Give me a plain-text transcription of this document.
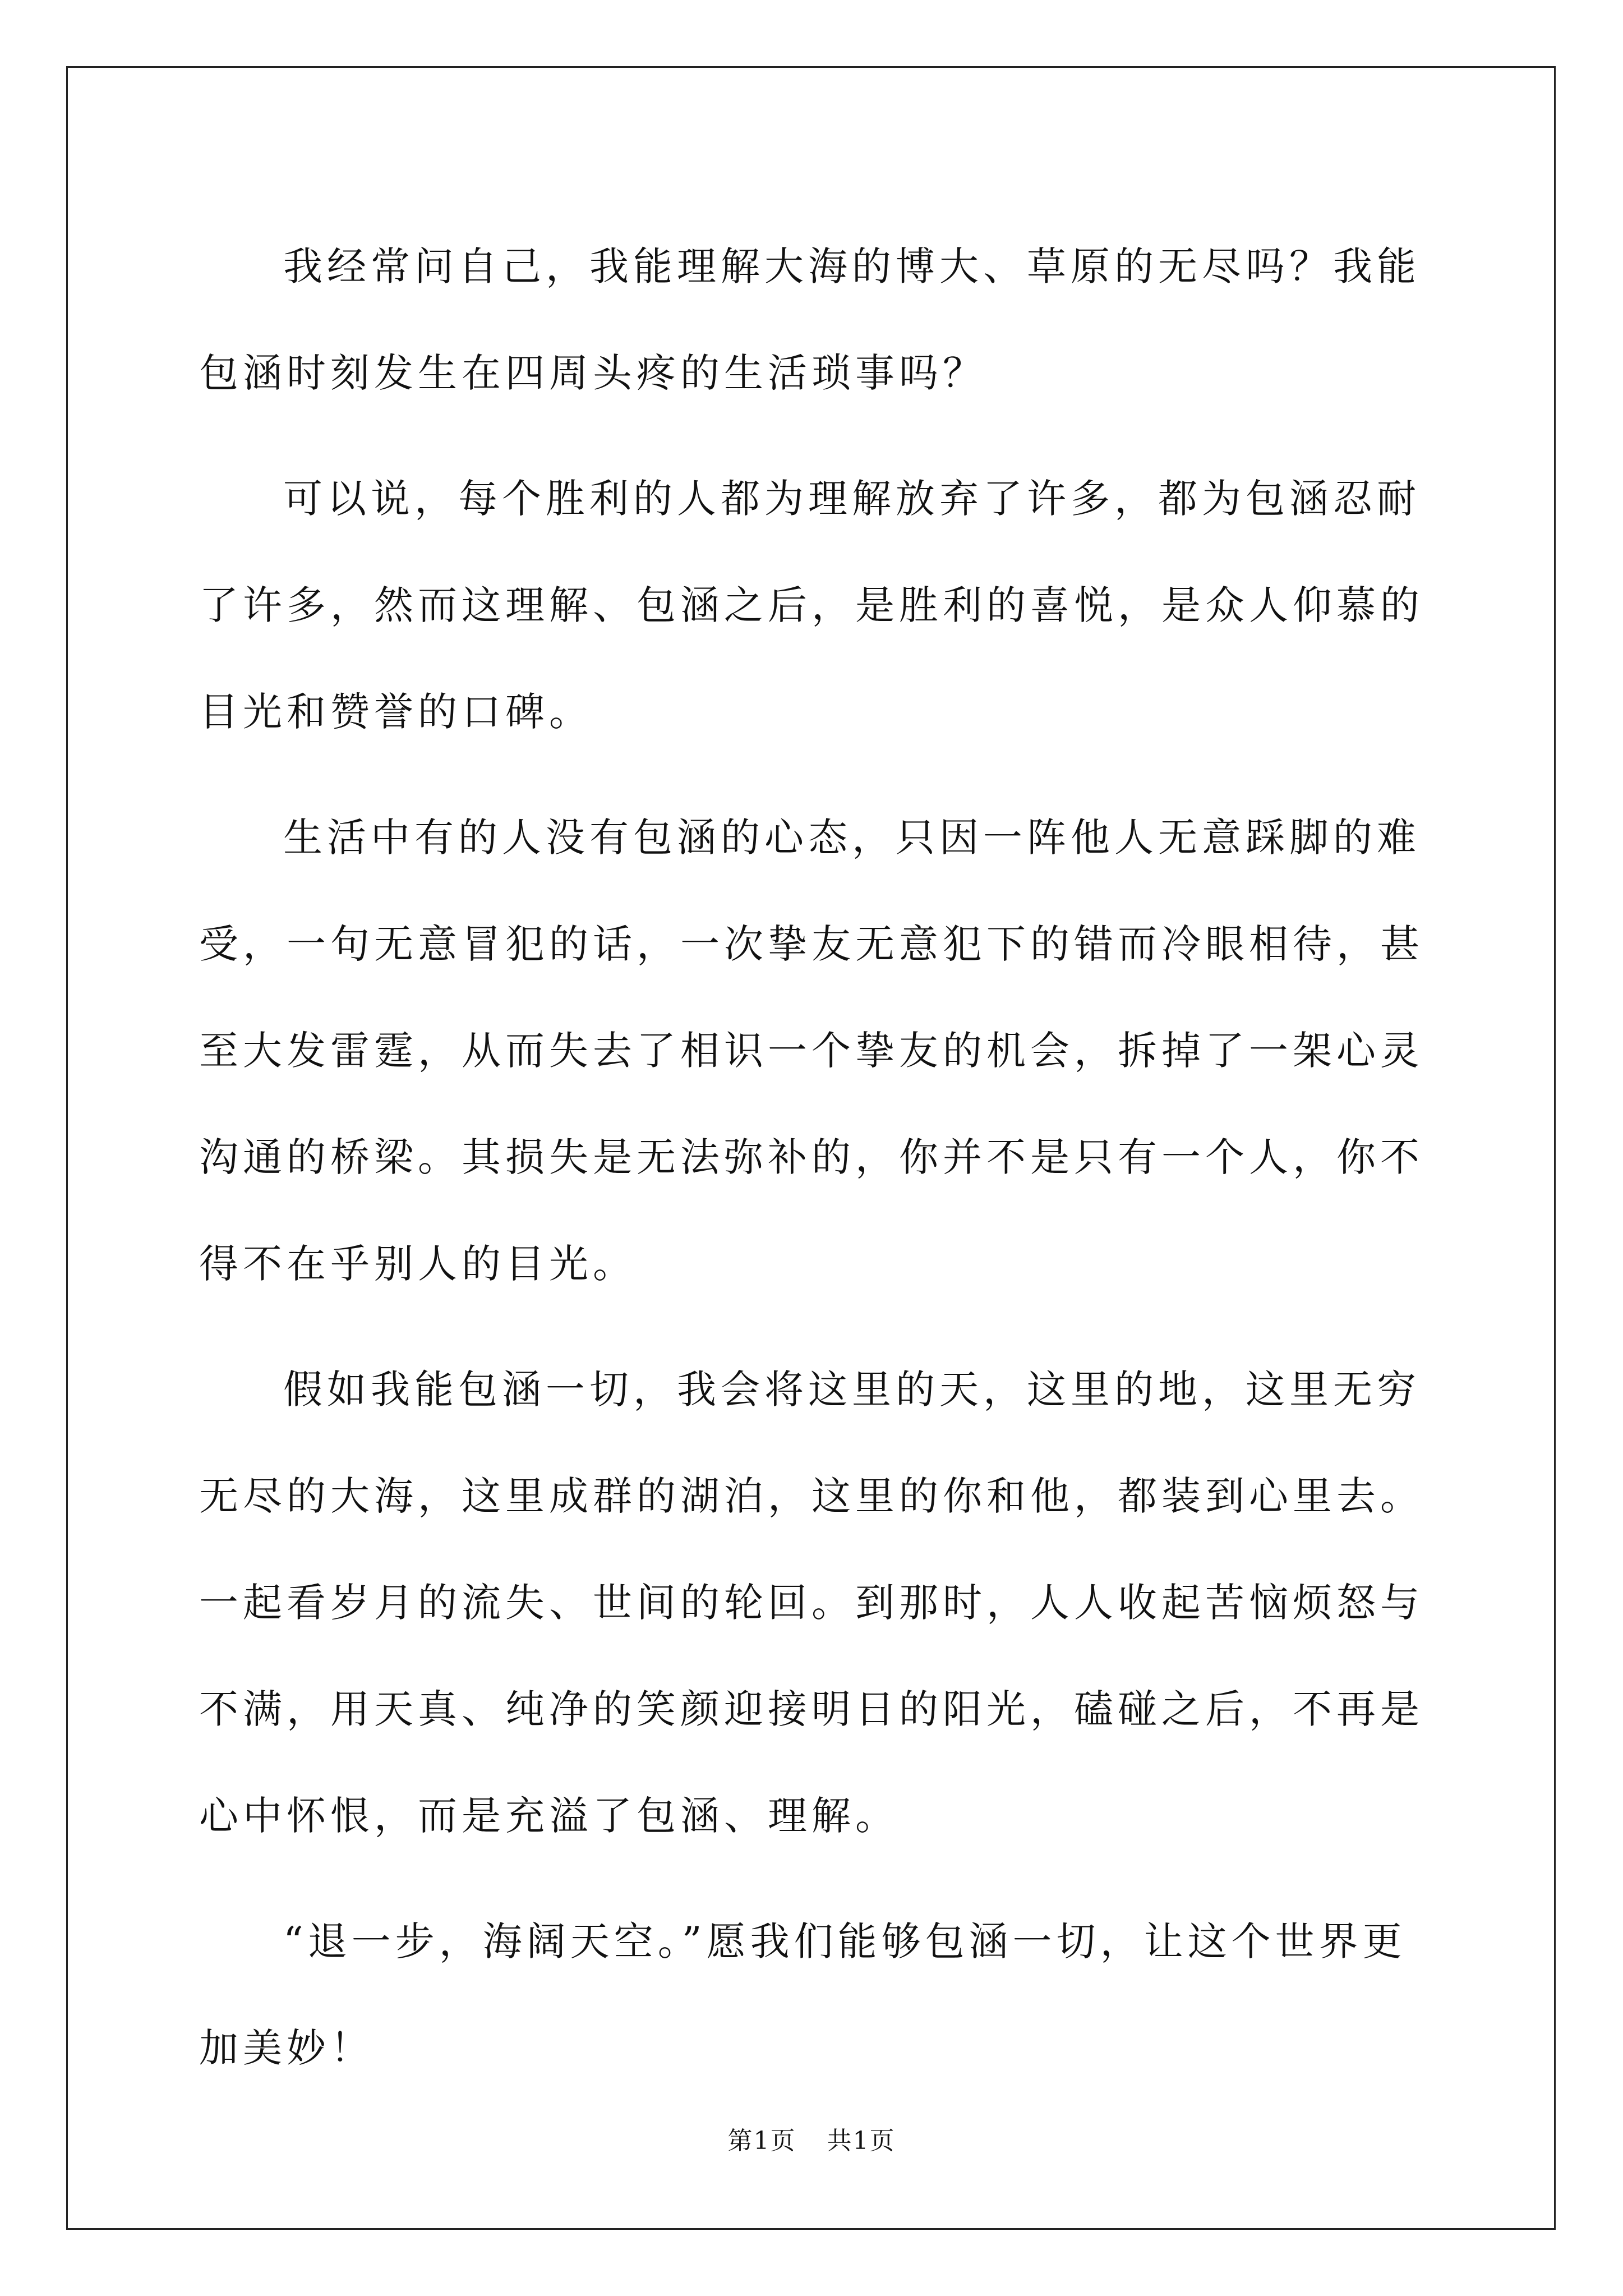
我经常问自己，我能理解大海的博大、草原的无尽吗？我能包涵时刻发生在四周头疼的生活琐事吗？

可以说，每个胜利的人都为理解放弃了许多，都为包涵忍耐了许多，然而这理解、包涵之后，是胜利的喜悦，是众人仰慕的目光和赞誉的口碑。

生活中有的人没有包涵的心态，只因一阵他人无意踩脚的难受，一句无意冒犯的话，一次挚友无意犯下的错而冷眼相待，甚至大发雷霆，从而失去了相识一个挚友的机会，拆掉了一架心灵沟通的桥梁。其损失是无法弥补的，你并不是只有一个人，你不得不在乎别人的目光。

假如我能包涵一切，我会将这里的天，这里的地，这里无穷无尽的大海，这里成群的湖泊，这里的你和他，都装到心里去。一起看岁月的流失、世间的轮回。到那时，人人收起苦恼烦怒与不满，用天真、纯净的笑颜迎接明日的阳光，磕碰之后，不再是心中怀恨，而是充溢了包涵、理解。

“退一步，海阔天空。”愿我们能够包涵一切，让这个世界更加美妙！

第1页 共1页
